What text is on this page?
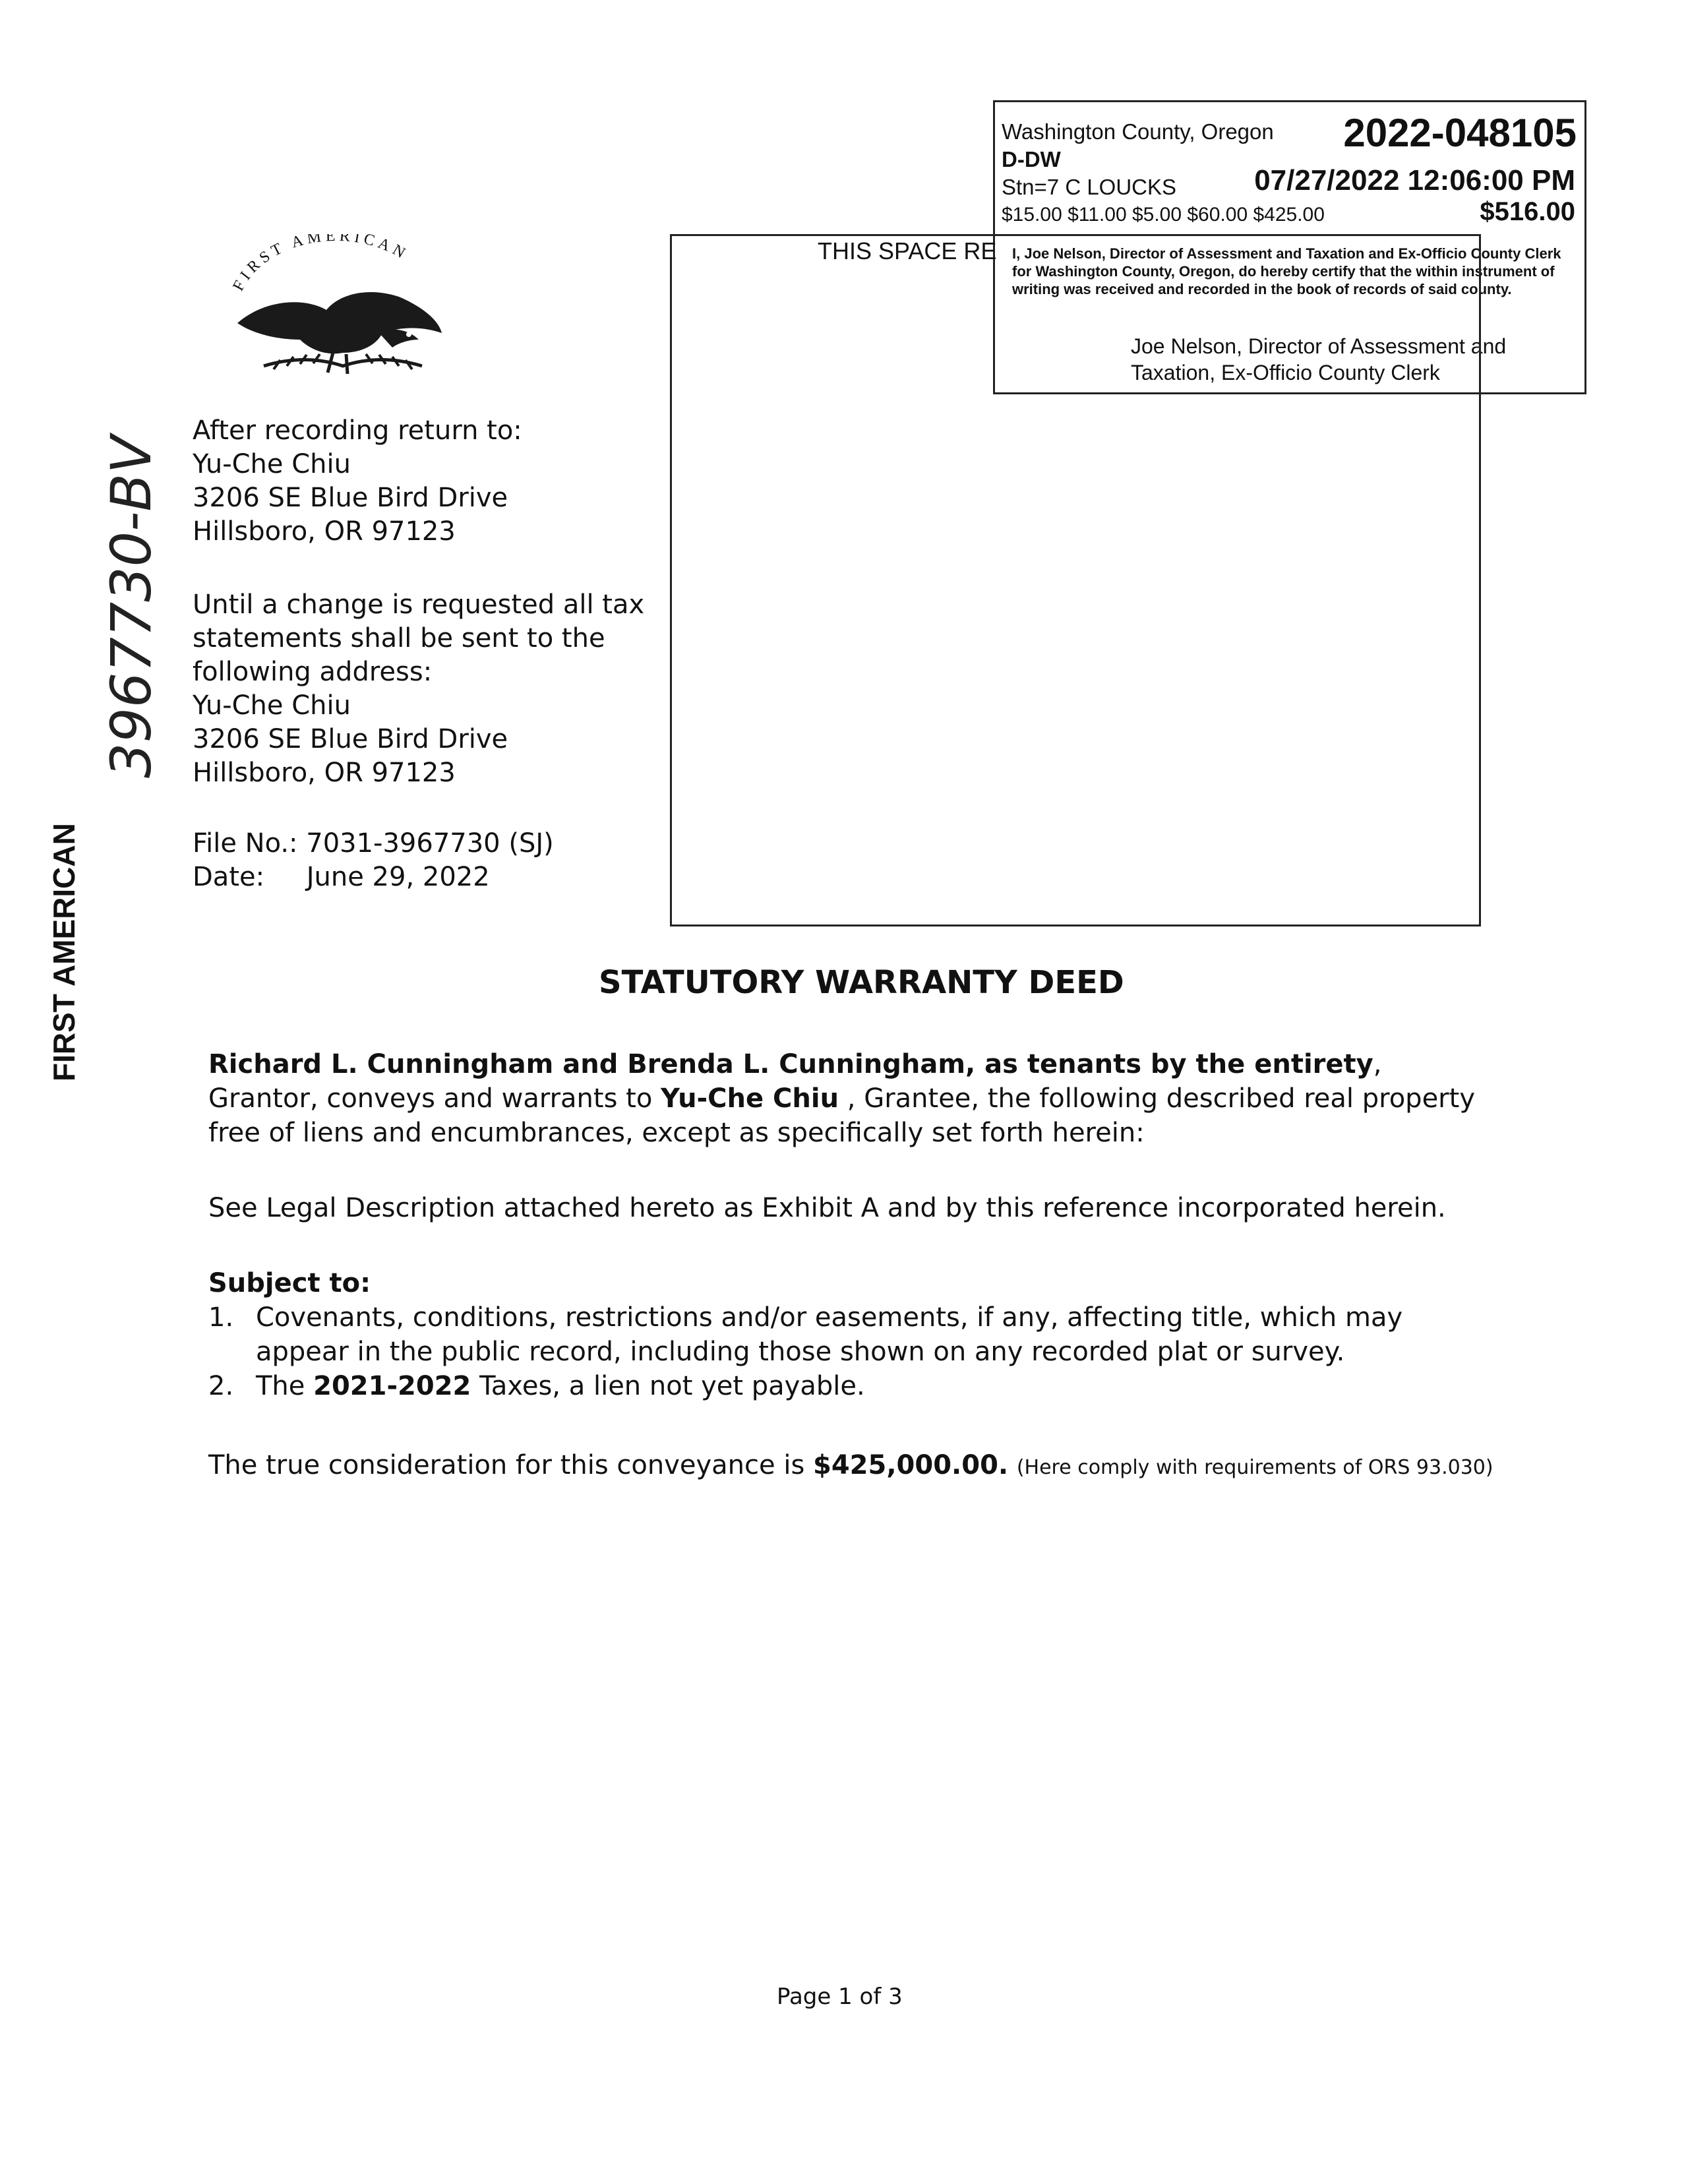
Washington County, Oregon 2022-048105
D-DW
Stn=7 C LOUCKS	07/27/2022 12:06:00 PM
$15.00 $11.00 $5.00 $60.00 $425.00	$516.00
I, Joe Nelson, Director of Assessment and Taxation and Ex-Officio County Clerk for Washington County, Oregon, do hereby certify that the within instrument of writing was received and recorded in the book of records of said county.
Joe Nelson, Director of Assessment and
Taxation, Ex-Officio County Clerk
THIS SPACE RE
FIRST AMERICAN
FIRST AMERICAN
3967730-BV
After recording return to:
Yu-Che Chiu
3206 SE Blue Bird Drive
Hillsboro, OR 97123
Until a change is requested all tax
statements shall be sent to the
following address:
Yu-Che Chiu
3206 SE Blue Bird Drive
Hillsboro, OR 97123
File No.: 7031-3967730 (SJ)
Date: June 29, 2022
STATUTORY WARRANTY DEED
Richard L. Cunningham and Brenda L. Cunningham, as tenants by the entirety, Grantor, conveys and warrants to Yu-Che Chiu , Grantee, the following described real property free of liens and encumbrances, except as specifically set forth herein:
See Legal Description attached hereto as Exhibit A and by this reference incorporated herein.
Subject to:
1. Covenants, conditions, restrictions and/or easements, if any, affecting title, which may appear in the public record, including those shown on any recorded plat or survey.
2. The 2021-2022 Taxes, a lien not yet payable.
The true consideration for this conveyance is $425,000.00. (Here comply with requirements of ORS 93.030)
Page 1 of 3
